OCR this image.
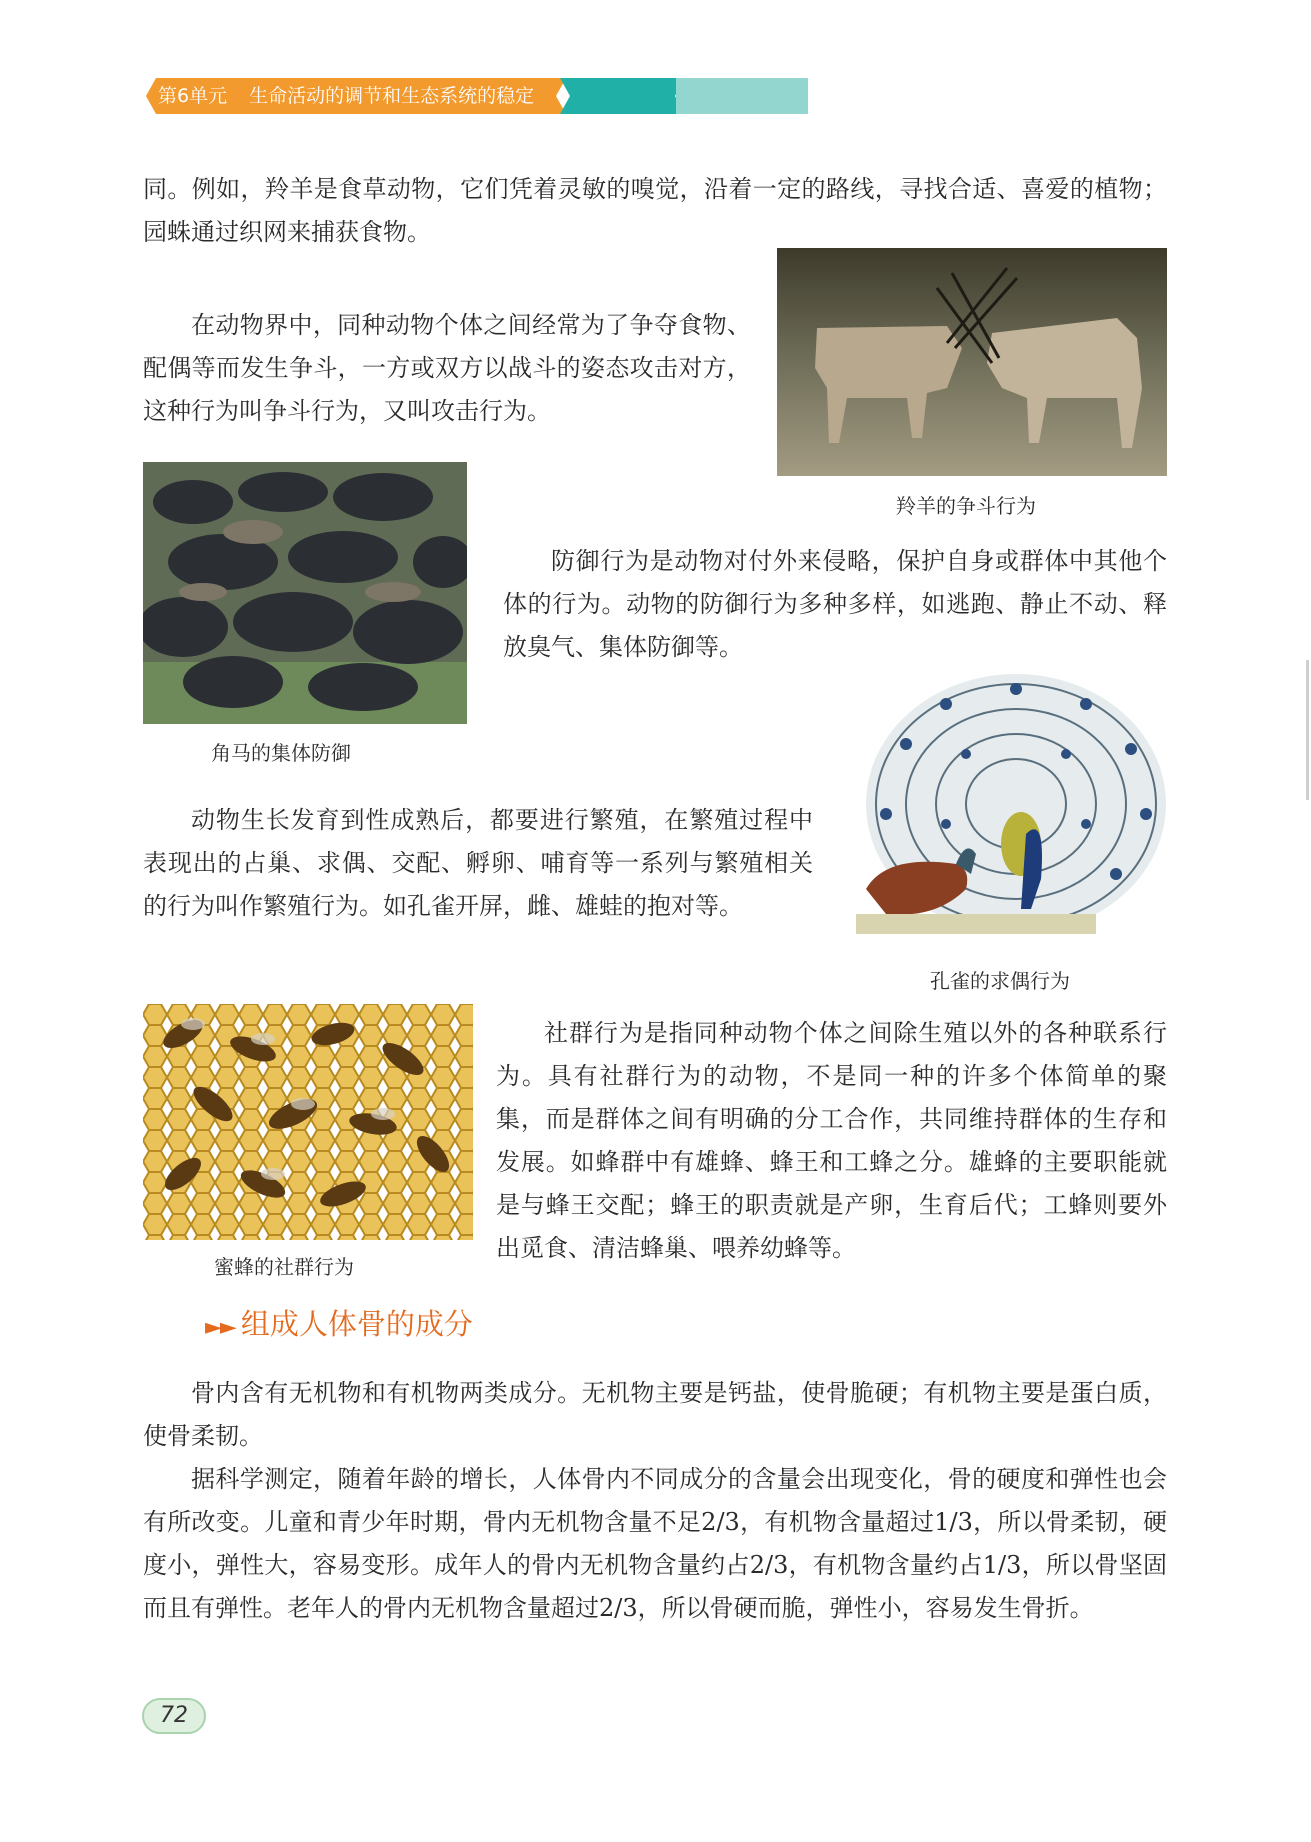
第6单元 生命活动的调节和生态系统的稳定

同。例如，羚羊是食草动物，它们凭着灵敏的嗅觉，沿着一定的路线，寻找合适、喜爱的植物；园蛛通过织网来捕获食物。

在动物界中，同种动物个体之间经常为了争夺食物、配偶等而发生争斗，一方或双方以战斗的姿态攻击对方，这种行为叫争斗行为，又叫攻击行为。

羚羊的争斗行为
角马的集体防御

防御行为是动物对付外来侵略，保护自身或群体中其他个体的行为。动物的防御行为多种多样，如逃跑、静止不动、释放臭气、集体防御等。

孔雀的求偶行为

动物生长发育到性成熟后，都要进行繁殖，在繁殖过程中表现出的占巢、求偶、交配、孵卵、哺育等一系列与繁殖相关的行为叫作繁殖行为。如孔雀开屏，雌、雄蛙的抱对等。

蜜蜂的社群行为

社群行为是指同种动物个体之间除生殖以外的各种联系行为。具有社群行为的动物，不是同一种的许多个体简单的聚集，而是群体之间有明确的分工合作，共同维持群体的生存和发展。如蜂群中有雄蜂、蜂王和工蜂之分。雄蜂的主要职能就是与蜂王交配；蜂王的职责就是产卵，生育后代；工蜂则要外出觅食、清洁蜂巢、喂养幼蜂等。

►► 组成人体骨的成分

骨内含有无机物和有机物两类成分。无机物主要是钙盐，使骨脆硬；有机物主要是蛋白质，使骨柔韧。

据科学测定，随着年龄的增长，人体骨内不同成分的含量会出现变化，骨的硬度和弹性也会有所改变。儿童和青少年时期，骨内无机物含量不足2/3，有机物含量超过1/3，所以骨柔韧，硬度小，弹性大，容易变形。成年人的骨内无机物含量约占2/3，有机物含量约占1/3，所以骨坚固而且有弹性。老年人的骨内无机物含量超过2/3，所以骨硬而脆，弹性小，容易发生骨折。

72
